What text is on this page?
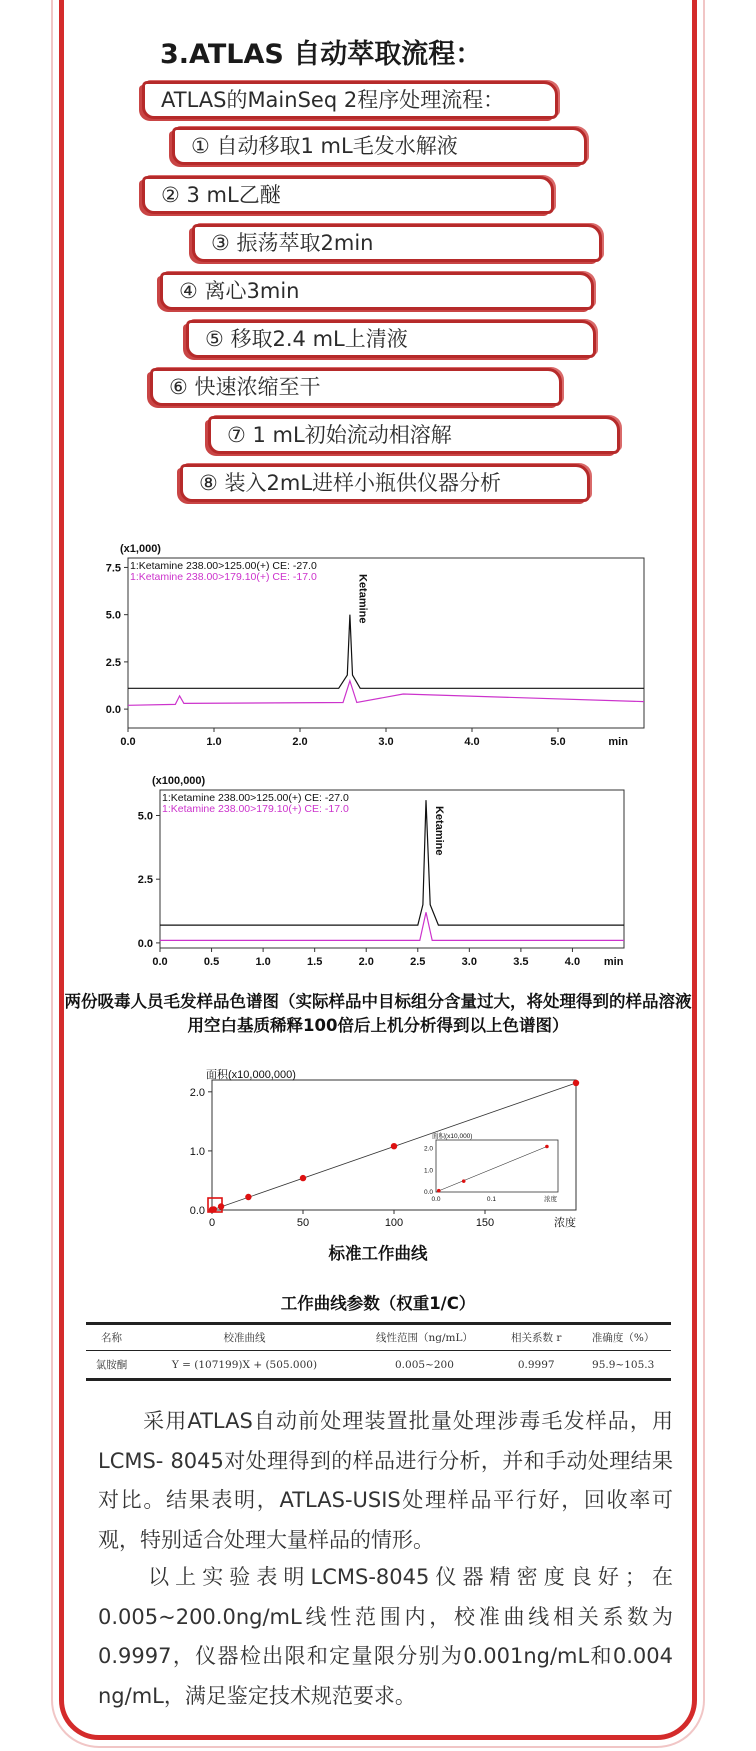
3.ATLAS 自动萃取流程：
ATLAS的MainSeq 2程序处理流程：
① 自动移取1 mL毛发水解液
② 3 mL乙醚
③ 振荡萃取2min
④ 离心3min
⑤ 移取2.4 mL上清液
⑥ 快速浓缩至干
⑦ 1 mL初始流动相溶解
⑧ 装入2mL进样小瓶供仪器分析
(x1,000)
0.0
2.5
5.0
7.5
0.0	1.0	2.0	3.0	4.0	5.0	min
1:Ketamine 238.00>125.00(+) CE: -27.0
1:Ketamine 238.00>179.10(+) CE: -17.0	Ketamine
(x100,000)
0.0
2.5
5.0
0.0	0.5	1.0	1.5	2.0	2.5	3.0	3.5	4.0 min
1:Ketamine 238.00>125.00(+) CE: -27.0
1:Ketamine 238.00>179.10(+) CE: -17.0	Ketamine
两份吸毒人员毛发样品色谱图（实际样品中目标组分含量过大，将处理得到的样品溶液用空白基质稀释100倍后上机分析得到以上色谱图）
面积(x10,000,000)
0.0
1.0
2.0
0	50	100	150	浓度
面积(x10,000)
0.0
1.0
2.0
0.0	0.1	浓度
标准工作曲线
工作曲线参数（权重1/C）
名称	校准曲线	线性范围（ng/mL）	相关系数 r	准确度（%）
氯胺酮	Y = (107199)X + (505.000)	0.005~200	0.9997	95.9~105.3
采用ATLAS自动前处理装置批量处理涉毒毛发样品，用LCMS- 8045对处理得到的样品进行分析，并和手动处理结果对比。结果表明，ATLAS-USIS处理样品平行好，回收率可观，特别适合处理大量样品的情形。
以上实验表明LCMS-8045仪器精密度良好；在0.005~200.0ng/mL线性范围内，校准曲线相关系数为0.9997，仪器检出限和定量限分别为0.001ng/mL和0.004 ng/mL，满足鉴定技术规范要求。
